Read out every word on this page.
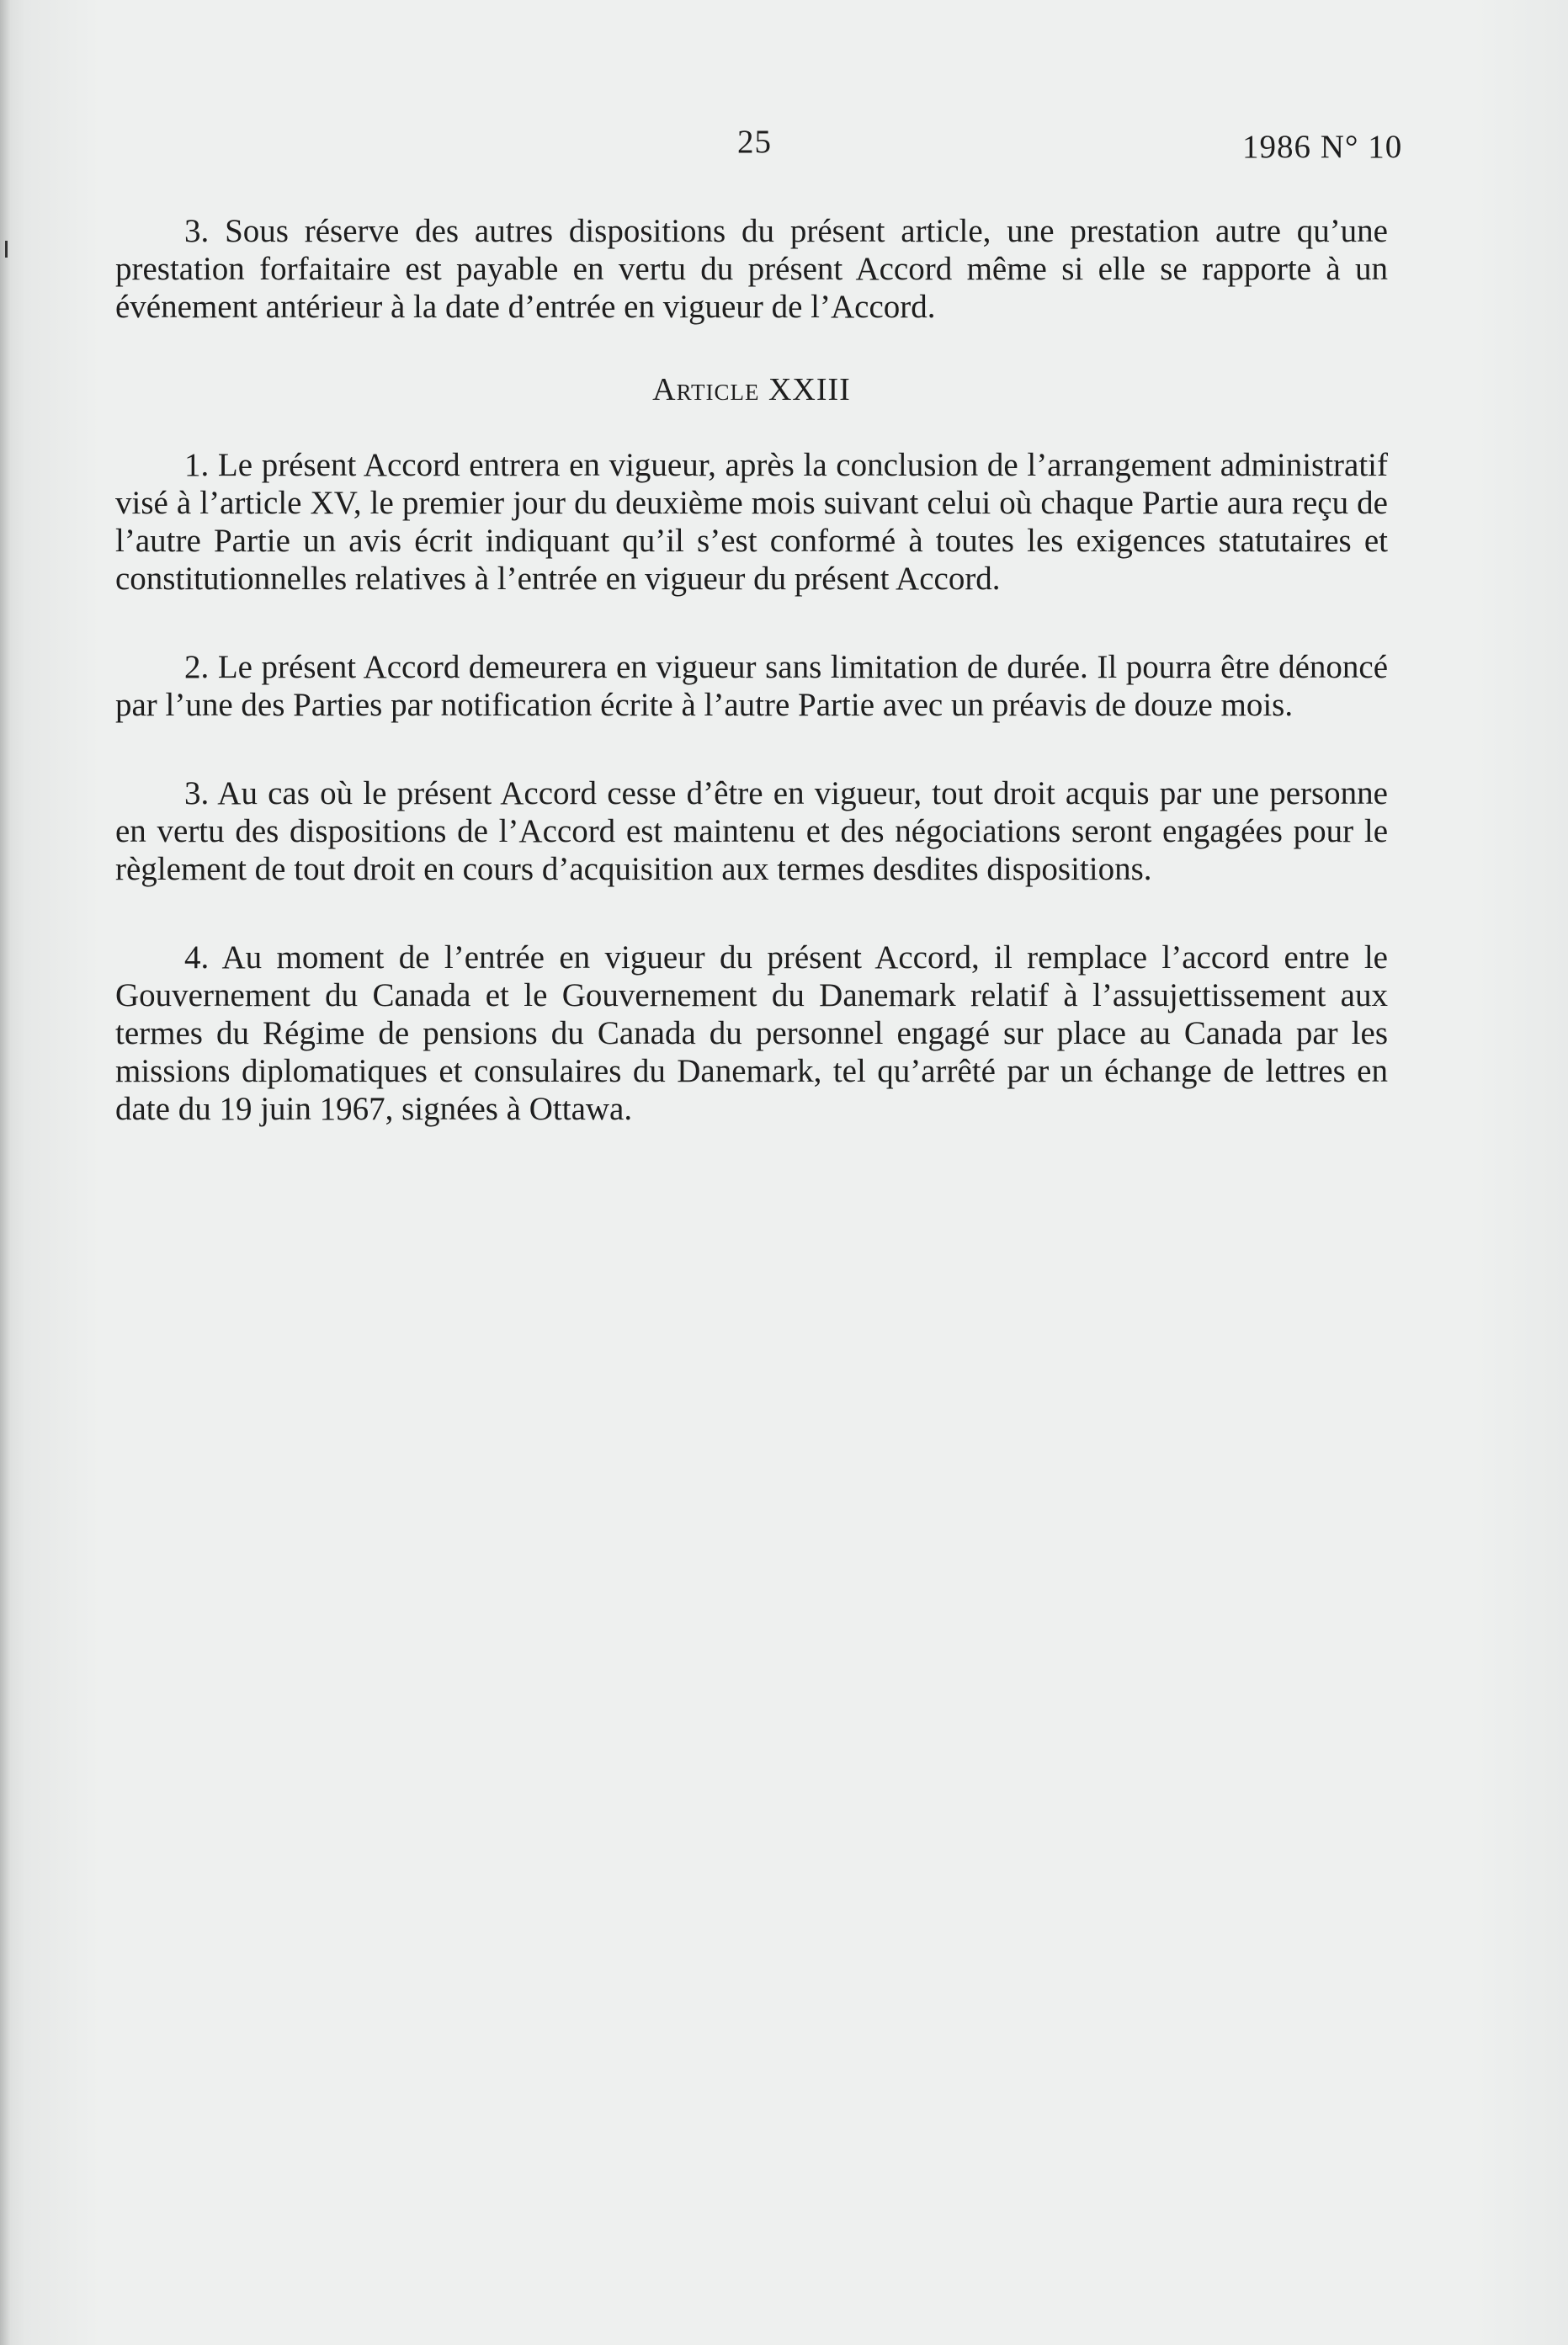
25	1986 N° 10

3. Sous réserve des autres dispositions du présent article, une prestation autre qu’une prestation forfaitaire est payable en vertu du présent Accord même si elle se rapporte à un événement antérieur à la date d’entrée en vigueur de l’Accord.

Article XXIII

1. Le présent Accord entrera en vigueur, après la conclusion de l’arrangement administratif visé à l’article XV, le premier jour du deuxième mois suivant celui où chaque Partie aura reçu de l’autre Partie un avis écrit indiquant qu’il s’est conformé à toutes les exigences statutaires et constitutionnelles relatives à l’entrée en vigueur du présent Accord.

2. Le présent Accord demeurera en vigueur sans limitation de durée. Il pourra être dénoncé par l’une des Parties par notification écrite à l’autre Partie avec un préavis de douze mois.

3. Au cas où le présent Accord cesse d’être en vigueur, tout droit acquis par une personne en vertu des dispositions de l’Accord est maintenu et des négociations seront engagées pour le règlement de tout droit en cours d’acquisition aux termes desdites dispositions.

4. Au moment de l’entrée en vigueur du présent Accord, il remplace l’accord entre le Gouvernement du Canada et le Gouvernement du Danemark relatif à l’assujettissement aux termes du Régime de pensions du Canada du personnel engagé sur place au Canada par les missions diplomatiques et consulaires du Danemark, tel qu’arrêté par un échange de lettres en date du 19 juin 1967, signées à Ottawa.
